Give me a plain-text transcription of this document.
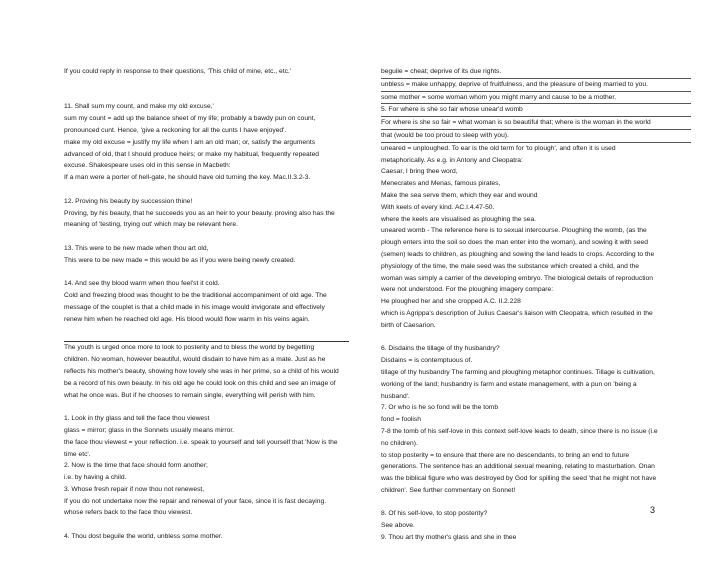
If you could reply in response to their questions, 'This child of mine, etc., etc.'
11. Shall sum my count, and make my old excuse,'
sum my count = add up the balance sheet of my life; probably a bawdy pun on count,
pronounced cunt. Hence, 'give a reckoning for all the cunts I have enjoyed'.
make my old excuse = justify my life when I am an old man; or, satisfy the arguments
advanced of old, that I should produce heirs; or make my habitual, frequently repeated
excuse. Shakespeare uses old in this sense in Macbeth:
If a man were a porter of hell-gate, he should have old turning the key. Mac.II.3.2-3.
12. Proving his beauty by succession thine!
Proving, by his beauty, that he succeeds you as an heir to your beauty. proving also has the
meaning of 'testing, trying out' which may be relevant here.
13. This were to be new made when thou art old,
This were to be new made = this would be as if you were being newly created.
14. And see thy blood warm when thou feel'st it cold.
Cold and freezing blood was thought to be the traditional accompaniment of old age. The
message of the couplet is that a child made in his image would invigorate and effectively
renew him when he reached old age. His blood would flow warm in his veins again.
The youth is urged once more to look to posterity and to bless the world by begetting
children. No woman, however beautiful, would disdain to have him as a mate. Just as he
reflects his mother's beauty, showing how lovely she was in her prime, so a child of his would
be a record of his own beauty. In his old age he could look on this child and see an image of
what he once was. But if he chooses to remain single, everything will perish with him.
1. Look in thy glass and tell the face thou viewest
glass = mirror; glass in the Sonnets usually means mirror.
the face thou viewest = your reflection. i.e. speak to yourself and tell yourself that 'Now is the
time etc'.
2. Now is the time that face should form another;
i.e. by having a child.
3. Whose fresh repair if now thou not renewest,
If you do not undertake now the repair and renewal of your face, since it is fast decaying.
whose refers back to the face thou viewest.
4. Thou dost beguile the world, unbless some mother.
beguile = cheat; deprive of its due rights.
unbless = make unhappy, deprive of fruitfulness, and the pleasure of being married to you.
some mother = some woman whom you might marry and cause to be a mother.
5. For where is she so fair whose unear'd womb
For where is she so fair = what woman is so beautiful that; where is the woman in the world
that (would be too proud to sleep with you).
uneared = unploughed. To ear is the old term for 'to plough', and often it is used
metaphorically. As e.g. in Antony and Cleopatra:
Caesar, I bring thee word,
Menecrates and Menas, famous pirates,
Make the sea serve them, which they ear and wound
With keels of every kind. AC.I.4.47-50.
where the keels are visualised as ploughing the sea.
uneared womb - The reference here is to sexual intercourse. Ploughing the womb, (as the
plough enters into the soil so does the man enter into the woman), and sowing it with seed
(semen) leads to children, as ploughing and sowing the land leads to crops. According to the
physiology of the time, the male seed was the substance which created a child, and the
woman was simply a carrier of the developing embryo. The biological details of reproduction
were not understood. For the ploughing imagery compare:
He ploughed her and she cropped A.C. II.2.228
which is Agrippa's description of Julius Caesar's liaison with Cleopatra, which resulted in the
birth of Caesarion.
6. Disdains the tillage of thy husbandry?
Disdains = is contemptuous of.
tillage of thy husbandry The farming and ploughing metaphor continues. Tillage is cultivation,
working of the land; husbandry is farm and estate management, with a pun on 'being a
husband'.
7. Or who is he so fond will be the tomb
fond = foolish
7-8 the tomb of his self-love in this context self-love leads to death, since there is no issue (i.e
no children).
to stop posterity = to ensure that there are no descendants, to bring an end to future
generations. The sentence has an additional sexual meaning, relating to masturbation. Onan
was the biblical figure who was destroyed by God for spilling the seed 'that he might not have
children'. See further commentary on Sonnet!
8. Of his self-love, to stop posterity?
See above.
9. Thou art thy mother's glass and she in thee
3
